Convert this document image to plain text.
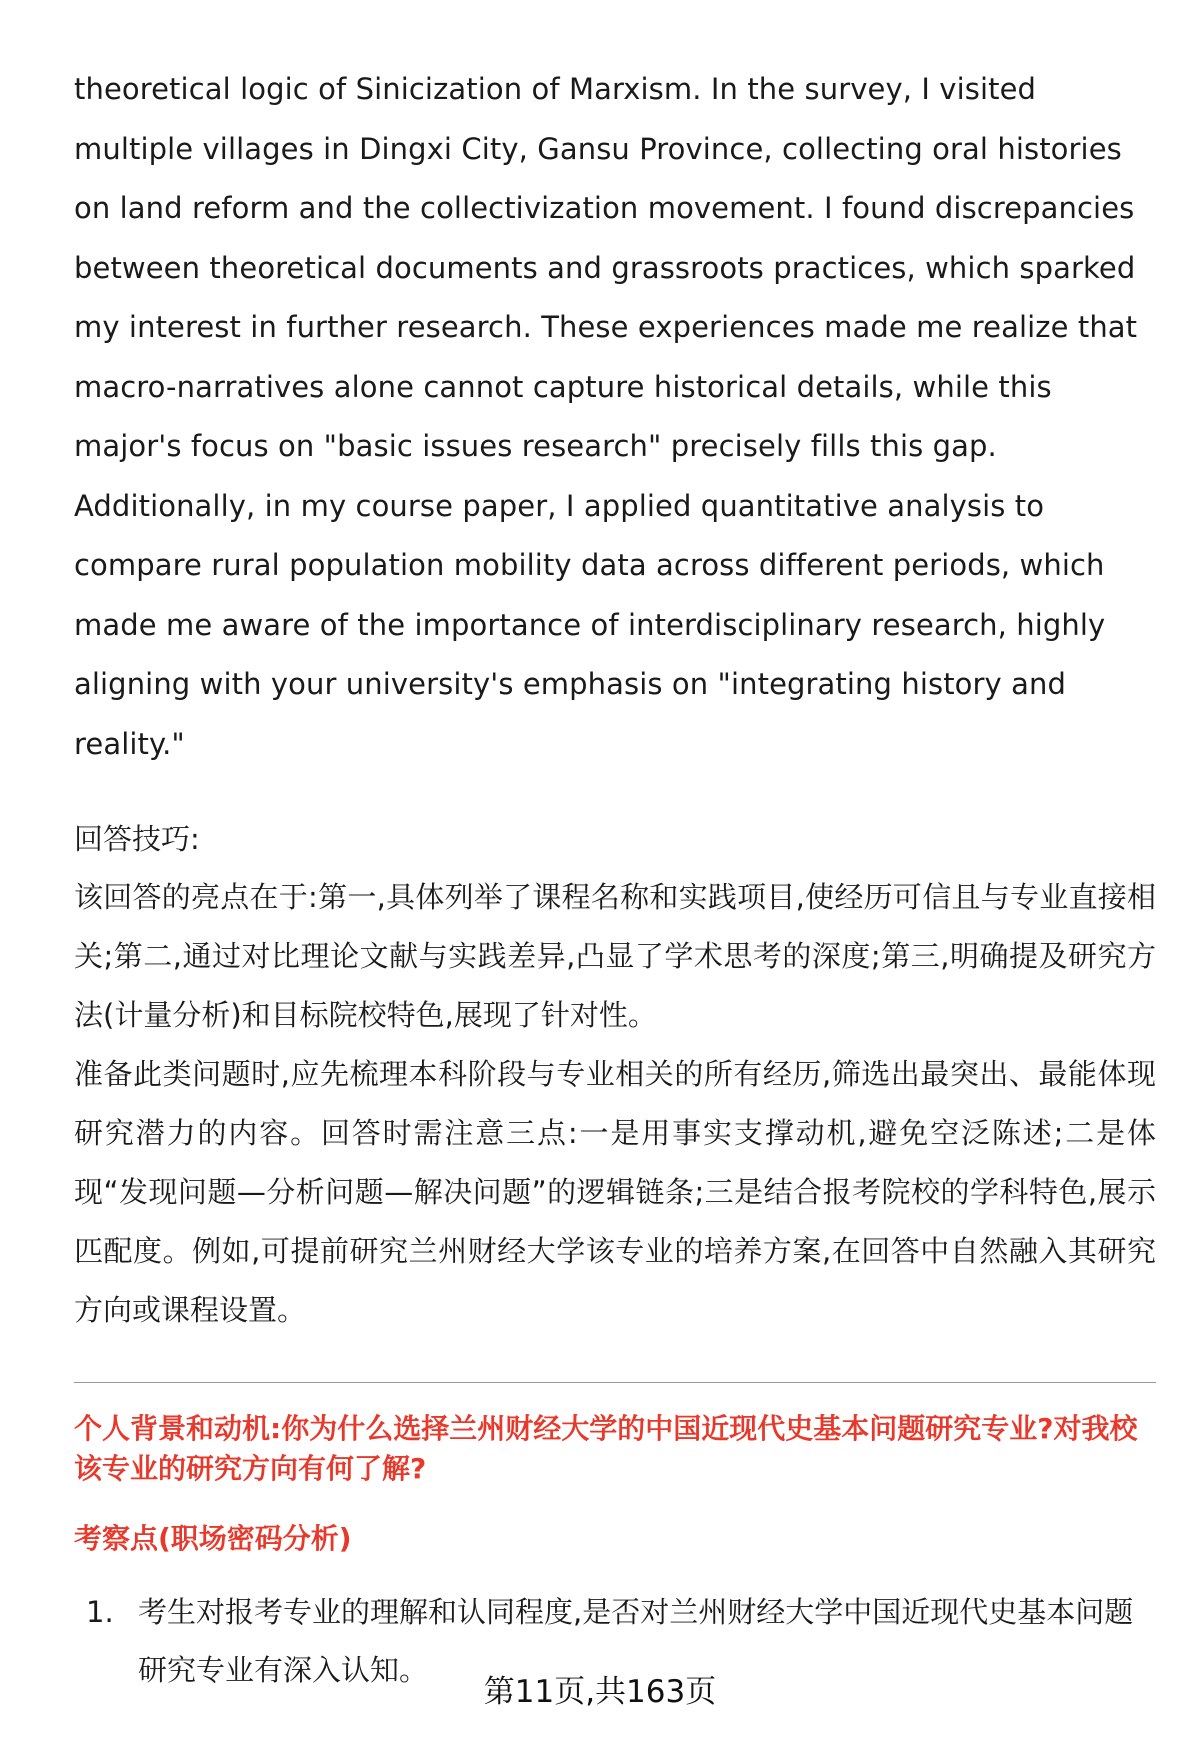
theoretical logic of Sinicization of Marxism. In the survey, I visited multiple villages in Dingxi City, Gansu Province, collecting oral histories on land reform and the collectivization movement. I found discrepancies between theoretical documents and grassroots practices, which sparked my interest in further research. These experiences made me realize that macro-narratives alone cannot capture historical details, while this major's focus on "basic issues research" precisely fills this gap. Additionally, in my course paper, I applied quantitative analysis to compare rural population mobility data across different periods, which made me aware of the importance of interdisciplinary research, highly aligning with your university's emphasis on "integrating history and reality."

回答技巧:

该回答的亮点在于:第一,具体列举了课程名称和实践项目,使经历可信且与专业直接相关;第二,通过对比理论文献与实践差异,凸显了学术思考的深度;第三,明确提及研究方法(计量分析)和目标院校特色,展现了针对性。

准备此类问题时,应先梳理本科阶段与专业相关的所有经历,筛选出最突出、最能体现研究潜力的内容。回答时需注意三点:一是用事实支撑动机,避免空泛陈述;二是体现“发现问题—分析问题—解决问题”的逻辑链条;三是结合报考院校的学科特色,展示匹配度。例如,可提前研究兰州财经大学该专业的培养方案,在回答中自然融入其研究方向或课程设置。

个人背景和动机:你为什么选择兰州财经大学的中国近现代史基本问题研究专业?对我校该专业的研究方向有何了解?

考察点(职场密码分析)

1. 考生对报考专业的理解和认同程度,是否对兰州财经大学中国近现代史基本问题研究专业有深入认知。
第11页,共163页
